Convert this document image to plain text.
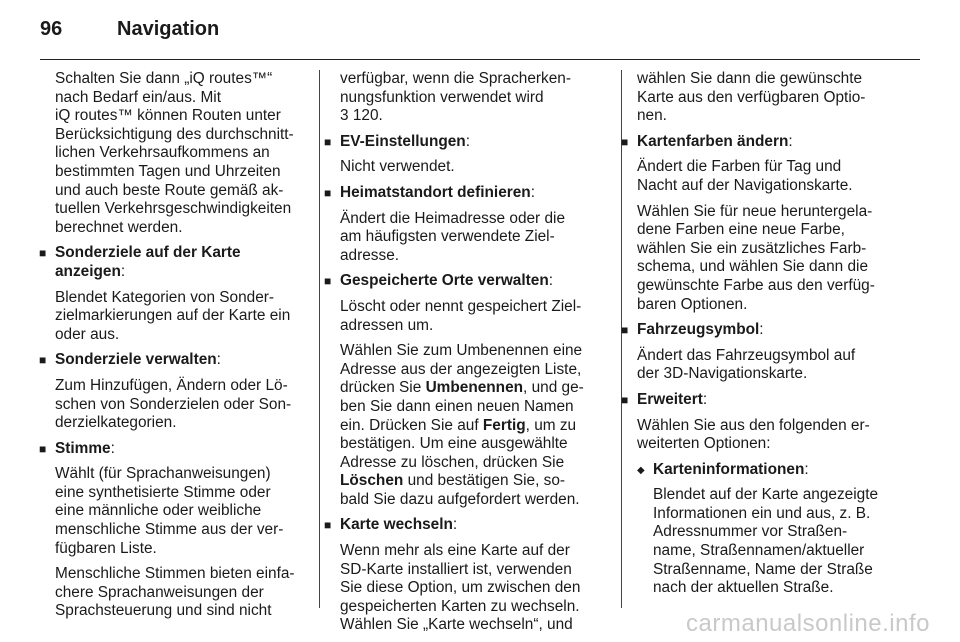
96	Navigation

Schalten Sie dann „iQ routes™“
nach Bedarf ein/aus. Mit
iQ routes™ können Routen unter
Berücksichtigung des durchschnitt-
lichen Verkehrsaufkommens an
bestimmten Tagen und Uhrzeiten
und auch beste Route gemäß ak-
tuellen Verkehrsgeschwindigkeiten
berechnet werden.

■ Sonderziele auf der Karte
anzeigen:

Blendet Kategorien von Sonder-
zielmarkierungen auf der Karte ein
oder aus.

■ Sonderziele verwalten:

Zum Hinzufügen, Ändern oder Lö-
schen von Sonderzielen oder Son-
derzielkategorien.

■ Stimme:

Wählt (für Sprachanweisungen)
eine synthetisierte Stimme oder
eine männliche oder weibliche
menschliche Stimme aus der ver-
fügbaren Liste.

Menschliche Stimmen bieten einfa-
chere Sprachanweisungen der
Sprachsteuerung und sind nicht

verfügbar, wenn die Spracherken-
nungsfunktion verwendet wird
3 120.

■ EV-Einstellungen:

Nicht verwendet.

■ Heimatstandort definieren:

Ändert die Heimadresse oder die
am häufigsten verwendete Ziel-
adresse.

■ Gespeicherte Orte verwalten:

Löscht oder nennt gespeichert Ziel-
adressen um.

Wählen Sie zum Umbenennen eine
Adresse aus der angezeigten Liste,
drücken Sie Umbenennen, und ge-
ben Sie dann einen neuen Namen
ein. Drücken Sie auf Fertig, um zu
bestätigen. Um eine ausgewählte
Adresse zu löschen, drücken Sie
Löschen und bestätigen Sie, so-
bald Sie dazu aufgefordert werden.

■ Karte wechseln:

Wenn mehr als eine Karte auf der
SD-Karte installiert ist, verwenden
Sie diese Option, um zwischen den
gespeicherten Karten zu wechseln.
Wählen Sie „Karte wechseln“, und

wählen Sie dann die gewünschte
Karte aus den verfügbaren Optio-
nen.

■ Kartenfarben ändern:

Ändert die Farben für Tag und
Nacht auf der Navigationskarte.

Wählen Sie für neue heruntergela-
dene Farben eine neue Farbe,
wählen Sie ein zusätzliches Farb-
schema, und wählen Sie dann die
gewünschte Farbe aus den verfüg-
baren Optionen.

■ Fahrzeugsymbol:

Ändert das Fahrzeugsymbol auf
der 3D-Navigationskarte.

■ Erweitert:

Wählen Sie aus den folgenden er-
weiterten Optionen:

◆ Karteninformationen:

Blendet auf der Karte angezeigte
Informationen ein und aus, z. B.
Adressnummer vor Straßen-
name, Straßennamen/aktueller
Straßenname, Name der Straße
nach der aktuellen Straße.

carmanualsonline.info
